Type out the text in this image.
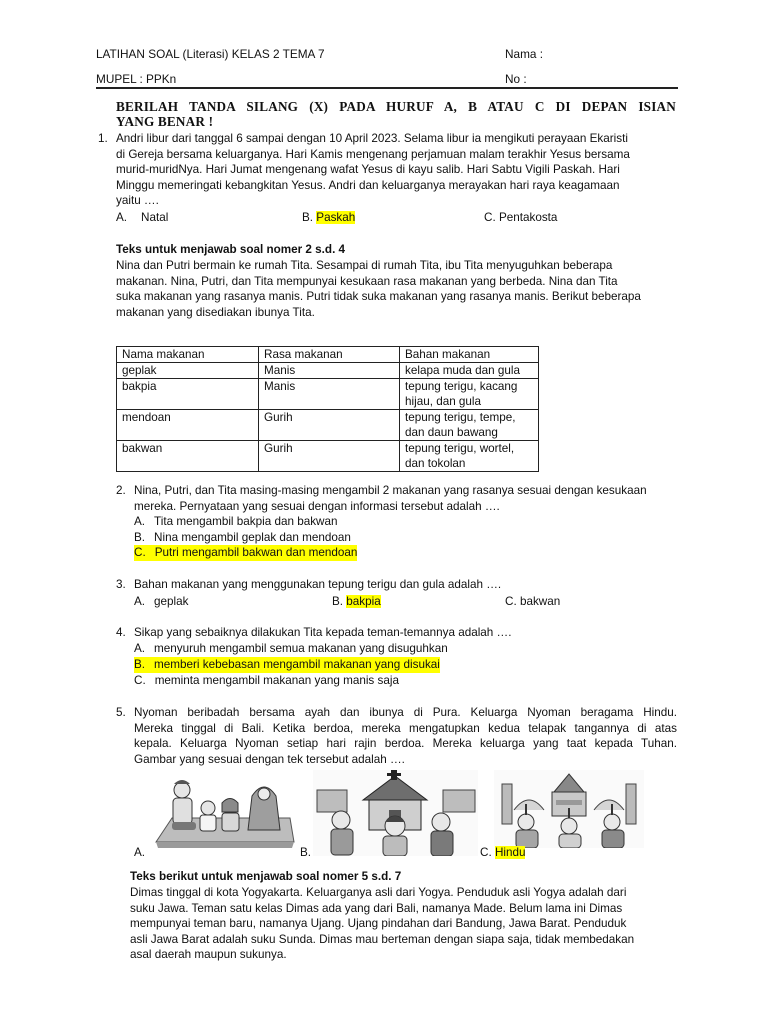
LATIHAN SOAL (Literasi) KELAS 2 TEMA 7	Nama :
MUPEL : PPKn	No :
BERILAH TANDA SILANG (X) PADA HURUF A, B ATAU C DI DEPAN ISIAN
YANG BENAR !
1. Andri libur dari tanggal 6 sampai dengan 10 April 2023. Selama libur ia mengikuti perayaan Ekaristi
di Gereja bersama keluarganya. Hari Kamis mengenang perjamuan malam terakhir Yesus bersama
murid-muridNya. Hari Jumat mengenang wafat Yesus di kayu salib. Hari Sabtu Vigili Paskah. Hari
Minggu memeringati kebangkitan Yesus. Andri dan keluarganya merayakan hari raya keagamaan
yaitu ….
A. Natal	B. Paskah	C. Pentakosta
Teks untuk menjawab soal nomer 2 s.d. 4
Nina dan Putri bermain ke rumah Tita. Sesampai di rumah Tita, ibu Tita menyuguhkan beberapa
makanan. Nina, Putri, dan Tita mempunyai kesukaan rasa makanan yang berbeda. Nina dan Tita
suka makanan yang rasanya manis. Putri tidak suka makanan yang rasanya manis. Berikut beberapa
makanan yang disediakan ibunya Tita.
Nama makanan	Rasa makanan	Bahan makanan
geplak	Manis	kelapa muda dan gula
bakpia	Manis	tepung terigu, kacang
hijau, dan gula
mendoan	Gurih	tepung terigu, tempe,
dan daun bawang
bakwan	Gurih	tepung terigu, wortel,
dan tokolan
2. Nina, Putri, dan Tita masing-masing mengambil 2 makanan yang rasanya sesuai dengan kesukaan
mereka. Pernyataan yang sesuai dengan informasi tersebut adalah ….
A. Tita mengambil bakpia dan bakwan
B. Nina mengambil geplak dan mendoan
C. Putri mengambil bakwan dan mendoan
3. Bahan makanan yang menggunakan tepung terigu dan gula adalah ….
A. geplak	B. bakpia	C. bakwan
4. Sikap yang sebaiknya dilakukan Tita kepada teman-temannya adalah ….
A. menyuruh mengambil semua makanan yang disuguhkan
B. memberi kebebasan mengambil makanan yang disukai
C. meminta mengambil makanan yang manis saja
5. Nyoman beribadah bersama ayah dan ibunya di Pura. Keluarga Nyoman beragama Hindu.
Mereka tinggal di Bali. Ketika berdoa, mereka mengatupkan kedua telapak tangannya di atas
kepala. Keluarga Nyoman setiap hari rajin berdoa. Mereka keluarga yang taat kepada Tuhan.
Gambar yang sesuai dengan tek tersebut adalah ….
A.	B.	C. Hindu
Teks berikut untuk menjawab soal nomer 5 s.d. 7
Dimas tinggal di kota Yogyakarta. Keluarganya asli dari Yogya. Penduduk asli Yogya adalah dari
suku Jawa. Teman satu kelas Dimas ada yang dari Bali, namanya Made. Belum lama ini Dimas
mempunyai teman baru, namanya Ujang. Ujang pindahan dari Bandung, Jawa Barat. Penduduk
asli Jawa Barat adalah suku Sunda. Dimas mau berteman dengan siapa saja, tidak membedakan
asal daerah maupun sukunya.
